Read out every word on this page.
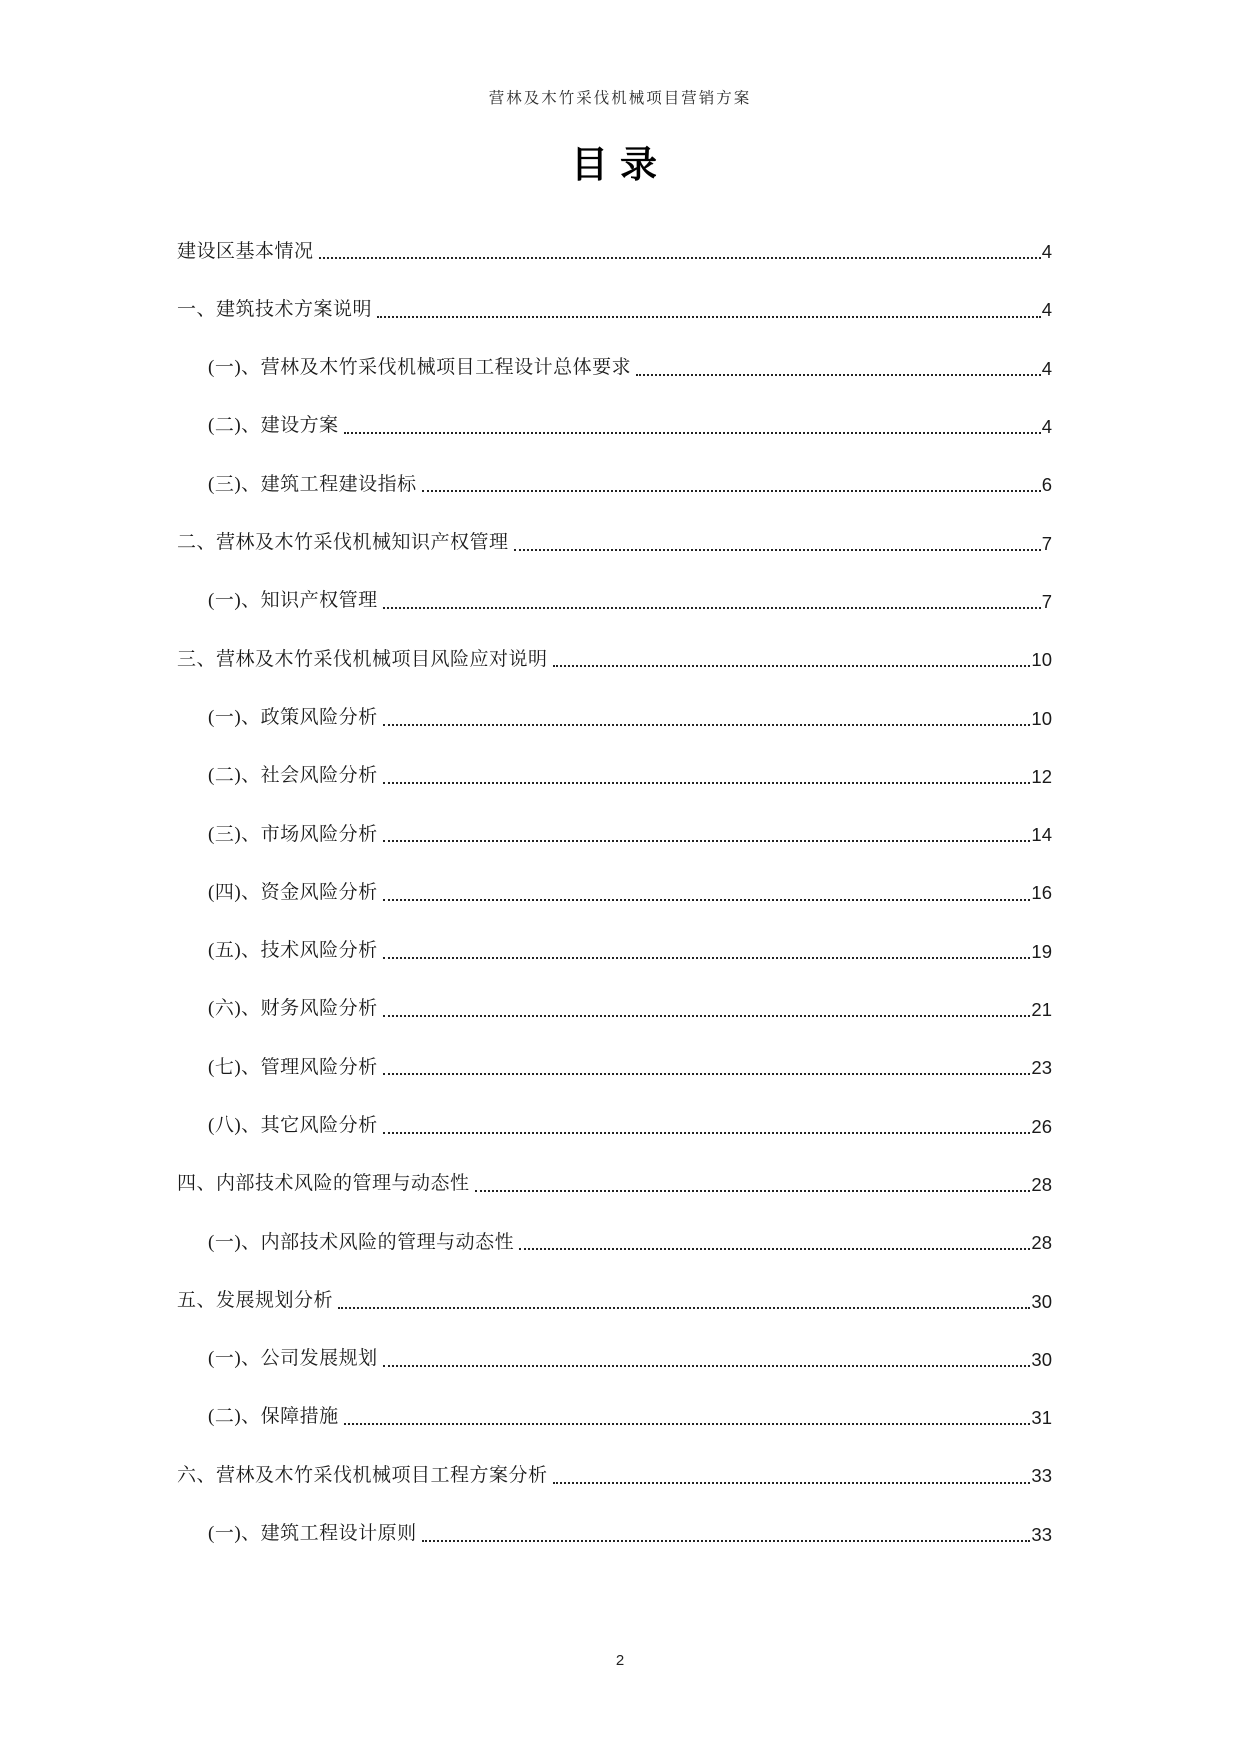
营林及木竹采伐机械项目营销方案
目录
建设区基本情况	4
一、建筑技术方案说明	4
(一)、营林及木竹采伐机械项目工程设计总体要求	4
(二)、建设方案	4
(三)、建筑工程建设指标	6
二、营林及木竹采伐机械知识产权管理	7
(一)、知识产权管理	7
三、营林及木竹采伐机械项目风险应对说明	10
(一)、政策风险分析	10
(二)、社会风险分析	12
(三)、市场风险分析	14
(四)、资金风险分析	16
(五)、技术风险分析	19
(六)、财务风险分析	21
(七)、管理风险分析	23
(八)、其它风险分析	26
四、内部技术风险的管理与动态性	28
(一)、内部技术风险的管理与动态性	28
五、发展规划分析	30
(一)、公司发展规划	30
(二)、保障措施	31
六、营林及木竹采伐机械项目工程方案分析	33
(一)、建筑工程设计原则	33
2
